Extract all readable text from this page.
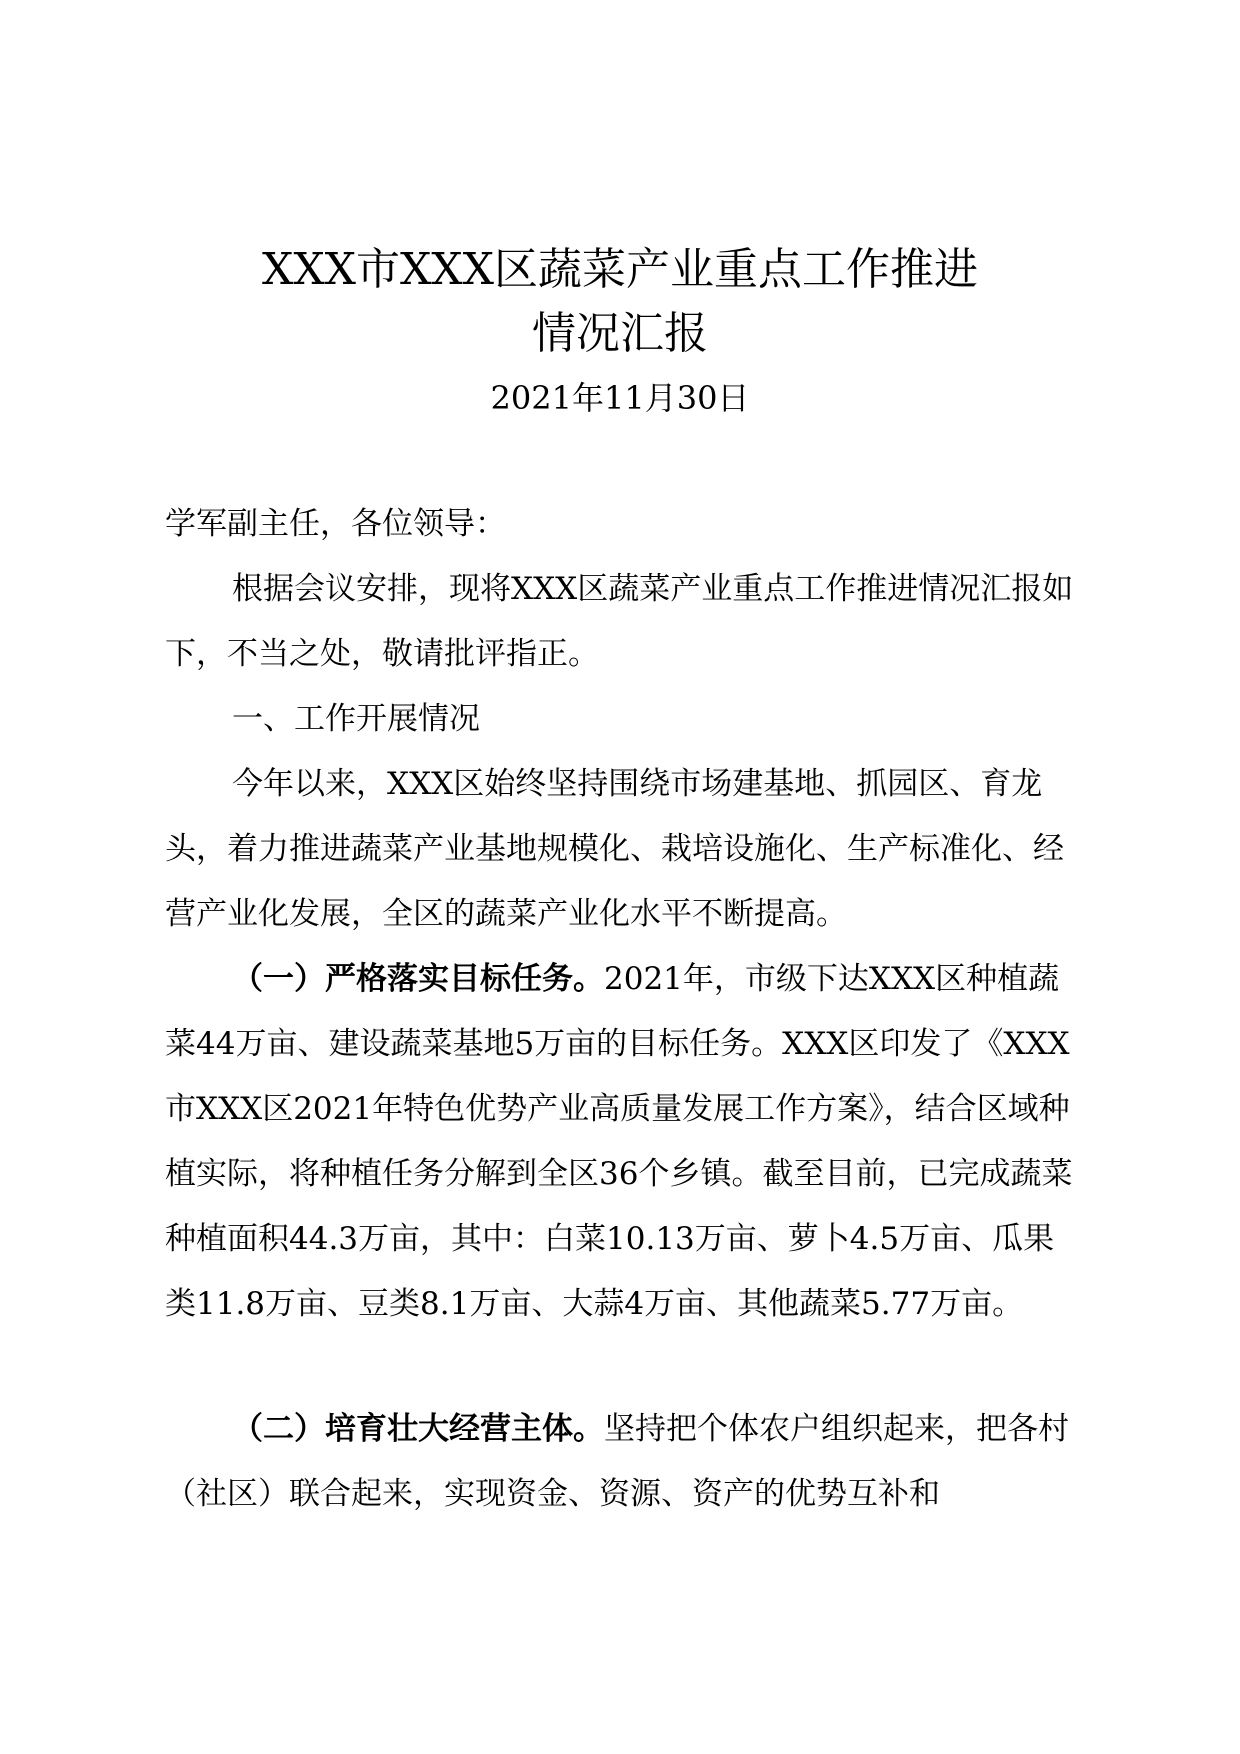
XXX市XXX区蔬菜产业重点工作推进
情况汇报
2021年11月30日
学军副主任，各位领导：
根据会议安排，现将XXX区蔬菜产业重点工作推进情况汇报如下，不当之处，敬请批评指正。
一、工作开展情况
今年以来，XXX区始终坚持围绕市场建基地、抓园区、育龙头，着力推进蔬菜产业基地规模化、栽培设施化、生产标准化、经营产业化发展，全区的蔬菜产业化水平不断提高。
（一）严格落实目标任务。2021年，市级下达XXX区种植蔬菜44万亩、建设蔬菜基地5万亩的目标任务。XXX区印发了《XXX市XXX区2021年特色优势产业高质量发展工作方案》，结合区域种植实际，将种植任务分解到全区36个乡镇。截至目前，已完成蔬菜种植面积44.3万亩，其中：白菜10.13万亩、萝卜4.5万亩、瓜果类11.8万亩、豆类8.1万亩、大蒜4万亩、其他蔬菜5.77万亩。
（二）培育壮大经营主体。坚持把个体农户组织起来，把各村（社区）联合起来，实现资金、资源、资产的优势互补和
